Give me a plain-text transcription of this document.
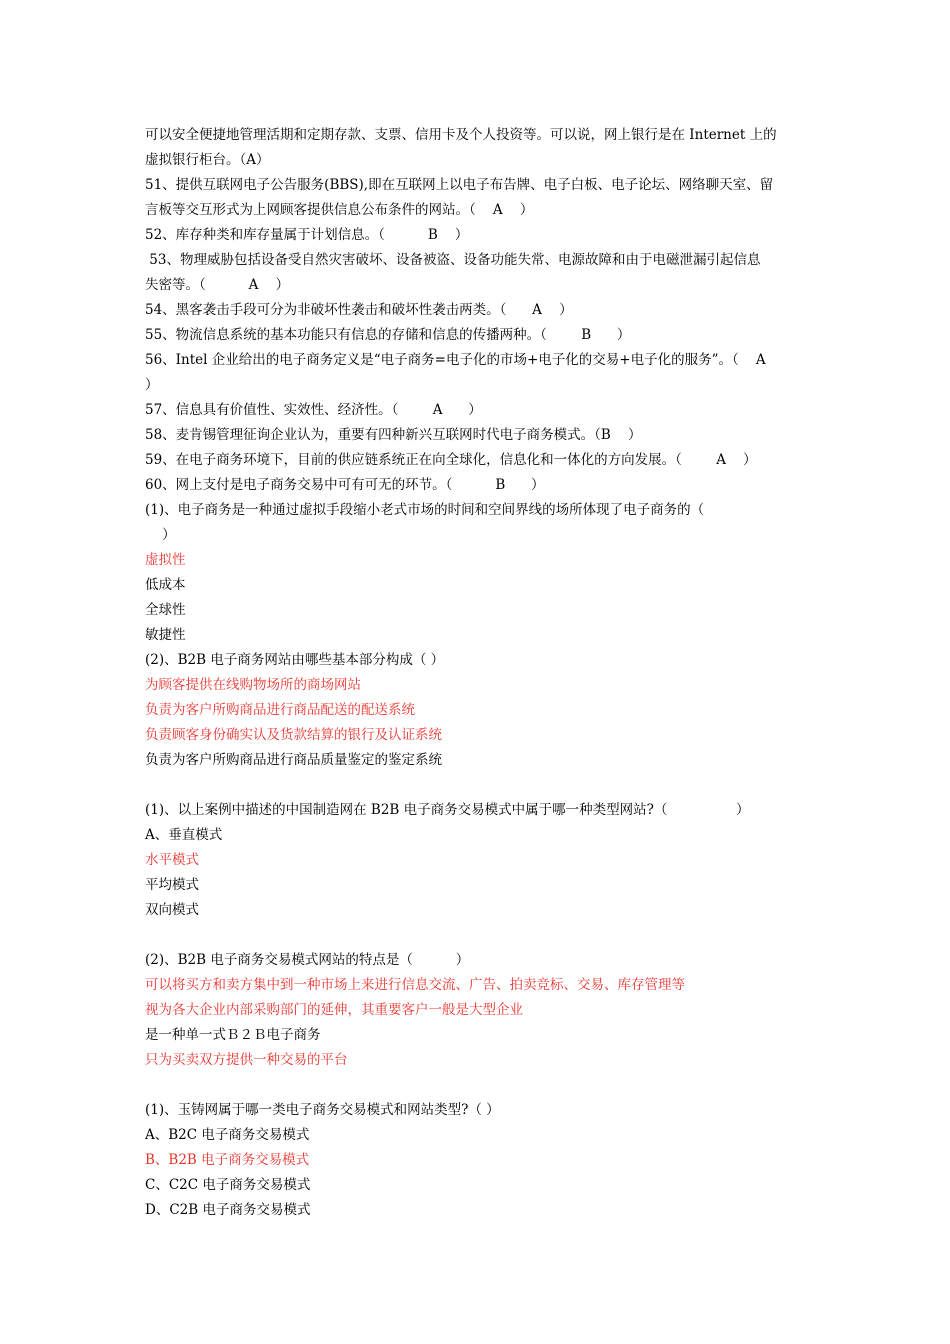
可以安全便捷地管理活期和定期存款、支票、信用卡及个人投资等。可以说，网上银行是在 Internet 上的
虚拟银行柜台。（A）
51、提供互联网电子公告服务(BBS),即在互联网上以电子布告牌、电子白板、电子论坛、网络聊天室、留
言板等交互形式为上网顾客提供信息公布条件的网站。（    A    ）
52、库存种类和库存量属于计划信息。（          B    ）
53、物理威胁包括设备受自然灾害破坏、设备被盗、设备功能失常、电源故障和由于电磁泄漏引起信息
失密等。（          A    ）
54、黑客袭击手段可分为非破坏性袭击和破坏性袭击两类。（      A    ）
55、物流信息系统的基本功能只有信息的存储和信息的传播两种。（        B      ）
56、Intel 企业给出的电子商务定义是“电子商务=电子化的市场+电子化的交易+电子化的服务”。（    A
）
57、信息具有价值性、实效性、经济性。（        A      ）
58、麦肯锡管理征询企业认为，重要有四种新兴互联网时代电子商务模式。（B    ）
59、在电子商务环境下，目前的供应链系统正在向全球化，信息化和一体化的方向发展。（        A    ）
60、网上支付是电子商务交易中可有可无的环节。（          B      ）
(1)、电子商务是一种通过虚拟手段缩小老式市场的时间和空间界线的场所体现了电子商务的（
）
虚拟性
低成本
全球性
敏捷性
(2)、B2B 电子商务网站由哪些基本部分构成（ ）
为顾客提供在线购物场所的商场网站
负责为客户所购商品进行商品配送的配送系统
负责顾客身份确实认及货款结算的银行及认证系统
负责为客户所购商品进行商品质量鉴定的鉴定系统
(1)、以上案例中描述的中国制造网在 B2B 电子商务交易模式中属于哪一种类型网站?（                ）
A、垂直模式
水平模式
平均模式
双向模式
(2)、B2B 电子商务交易模式网站的特点是（          ）
可以将买方和卖方集中到一种市场上来进行信息交流、广告、拍卖竞标、交易、库存管理等
视为各大企业内部采购部门的延伸，其重要客户一般是大型企业
是一种单一式Ｂ２Ｂ电子商务
只为买卖双方提供一种交易的平台
(1)、玉铸网属于哪一类电子商务交易模式和网站类型?（ ）
A、B2C 电子商务交易模式
B、B2B 电子商务交易模式
C、C2C 电子商务交易模式
D、C2B 电子商务交易模式
